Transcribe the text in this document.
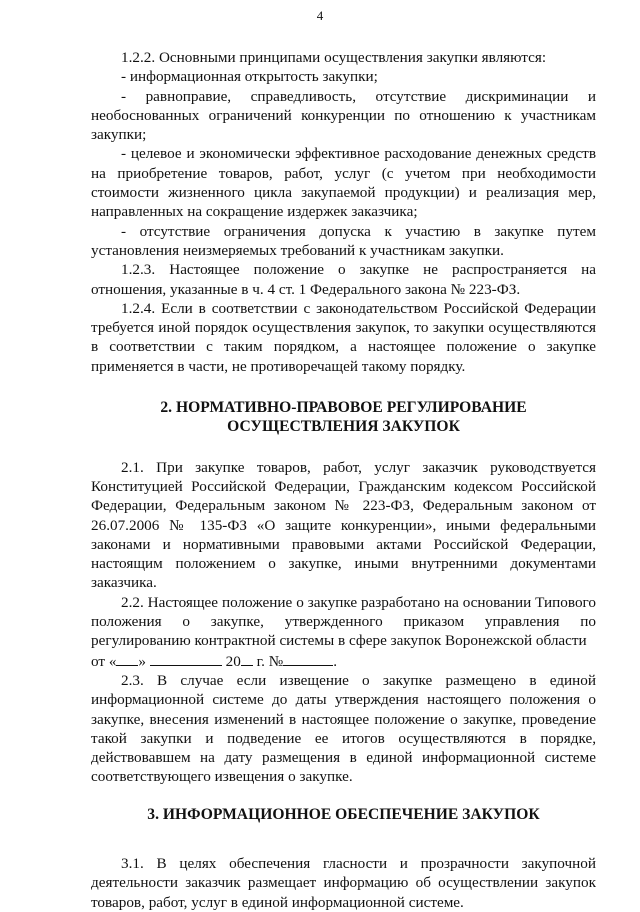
4

1.2.2. Основными принципами осуществления закупки являются:

- информационная открытость закупки;

- равноправие, справедливость, отсутствие дискриминации и необоснованных ограничений конкуренции по отношению к участникам закупки;

- целевое и экономически эффективное расходование денежных средств на приобретение товаров, работ, услуг (с учетом при необходимости стоимости жизненного цикла закупаемой продукции) и реализация мер, направленных на сокращение издержек заказчика;

- отсутствие ограничения допуска к участию в закупке путем установления неизмеряемых требований к участникам закупки.

1.2.3. Настоящее положение о закупке не распространяется на отношения, указанные в ч. 4 ст. 1 Федерального закона № 223-ФЗ.

1.2.4. Если в соответствии с законодательством Российской Федерации требуется иной порядок осуществления закупок, то закупки осуществляются в соответствии с таким порядком, а настоящее положение о закупке применяется в части, не противоречащей такому порядку.

2. НОРМАТИВНО-ПРАВОВОЕ РЕГУЛИРОВАНИЕ
ОСУЩЕСТВЛЕНИЯ ЗАКУПОК

2.1. При закупке товаров, работ, услуг заказчик руководствуется Конституцией Российской Федерации, Гражданским кодексом Российской Федерации, Федеральным законом № 223-ФЗ, Федеральным законом от 26.07.2006 № 135-ФЗ «О защите конкуренции», иными федеральными законами и нормативными правовыми актами Российской Федерации, настоящим положением о закупке, иными внутренними документами заказчика.

2.2. Настоящее положение о закупке разработано на основании Типового положения о закупке, утвержденного приказом управления по регулированию контрактной системы в сфере закупок Воронежской области

от « »	20 г. №	.

2.3. В случае если извещение о закупке размещено в единой информационной системе до даты утверждения настоящего положения о закупке, внесения изменений в настоящее положение о закупке, проведение такой закупки и подведение ее итогов осуществляются в порядке, действовавшем на дату размещения в единой информационной системе соответствующего извещения о закупке.

3. ИНФОРМАЦИОННОЕ ОБЕСПЕЧЕНИЕ ЗАКУПОК

3.1. В целях обеспечения гласности и прозрачности закупочной деятельности заказчик размещает информацию об осуществлении закупок товаров, работ, услуг в единой информационной системе.
